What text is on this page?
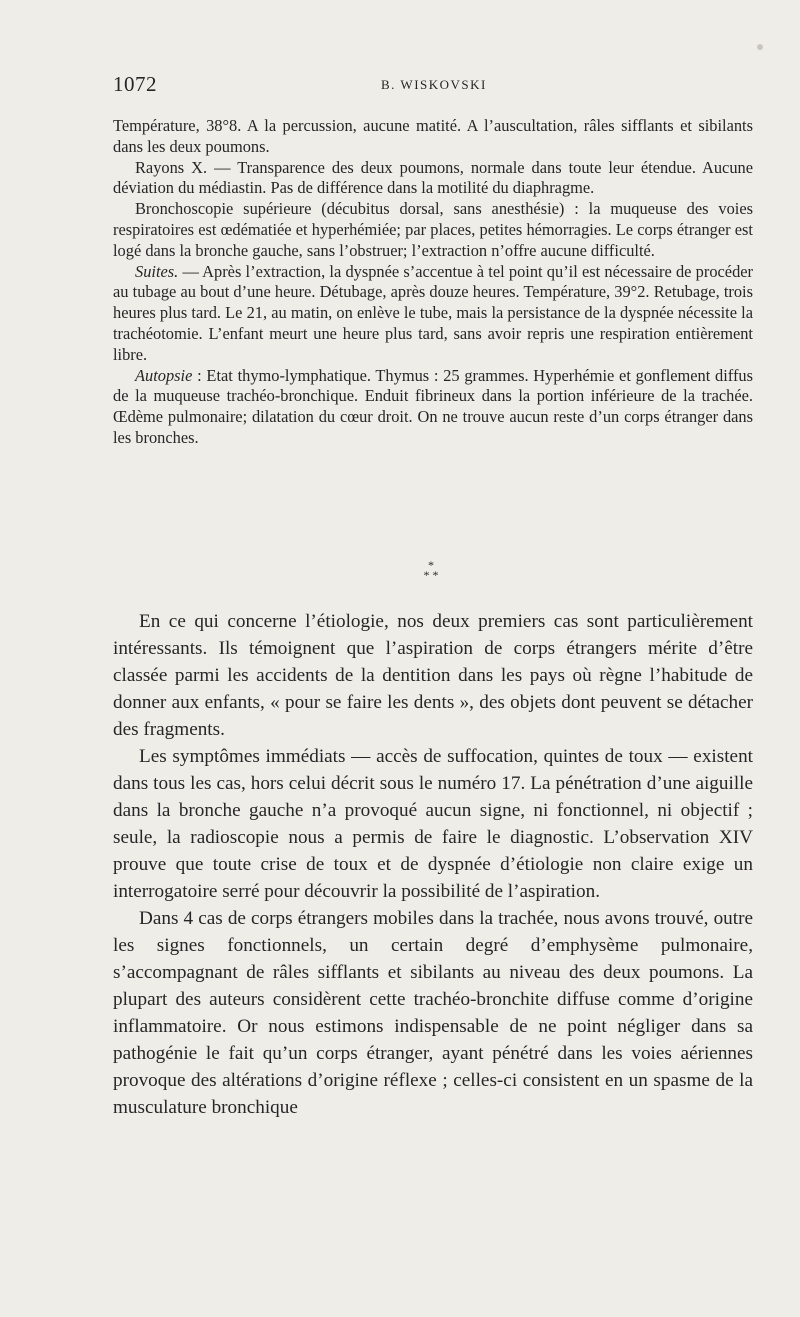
1072	B. WISKOVSKI

Température, 38°8. A la percussion, aucune matité. A l’auscultation, râles sifflants et sibilants dans les deux poumons.

Rayons X. — Transparence des deux poumons, normale dans toute leur étendue. Aucune déviation du médiastin. Pas de différence dans la motilité du diaphragme.

Bronchoscopie supérieure (décubitus dorsal, sans anesthésie) : la muqueuse des voies respiratoires est œdématiée et hyperhémiée; par places, petites hémorragies. Le corps étranger est logé dans la bronche gauche, sans l’obstruer; l’extraction n’offre aucune difficulté.

Suites. — Après l’extraction, la dyspnée s’accentue à tel point qu’il est nécessaire de procéder au tubage au bout d’une heure. Détubage, après douze heures. Température, 39°2. Retubage, trois heures plus tard. Le 21, au matin, on enlève le tube, mais la persistance de la dyspnée nécessite la trachéotomie. L’enfant meurt une heure plus tard, sans avoir repris une respiration entièrement libre.

Autopsie : Etat thymo-lymphatique. Thymus : 25 grammes. Hyperhémie et gonflement diffus de la muqueuse trachéo-bronchique. Enduit fibrineux dans la portion inférieure de la trachée. Œdème pulmonaire; dilatation du cœur droit. On ne trouve aucun reste d’un corps étranger dans les bronches.

*
* *

En ce qui concerne l’étiologie, nos deux premiers cas sont particulièrement intéressants. Ils témoignent que l’aspiration de corps étrangers mérite d’être classée parmi les accidents de la dentition dans les pays où règne l’habitude de donner aux enfants, « pour se faire les dents », des objets dont peuvent se détacher des fragments.

Les symptômes immédiats — accès de suffocation, quintes de toux — existent dans tous les cas, hors celui décrit sous le numéro 17. La pénétration d’une aiguille dans la bronche gauche n’a provoqué aucun signe, ni fonctionnel, ni objectif ; seule, la radioscopie nous a permis de faire le diagnostic. L’observation XIV prouve que toute crise de toux et de dyspnée d’étiologie non claire exige un interrogatoire serré pour découvrir la possibilité de l’aspiration.

Dans 4 cas de corps étrangers mobiles dans la trachée, nous avons trouvé, outre les signes fonctionnels, un certain degré d’emphysème pulmonaire, s’accompagnant de râles sifflants et sibilants au niveau des deux poumons. La plupart des auteurs considèrent cette trachéo-bronchite diffuse comme d’origine inflammatoire. Or nous estimons indispensable de ne point négliger dans sa pathogénie le fait qu’un corps étranger, ayant pénétré dans les voies aériennes provoque des altérations d’origine réflexe ; celles-ci consistent en un spasme de la musculature bronchique
